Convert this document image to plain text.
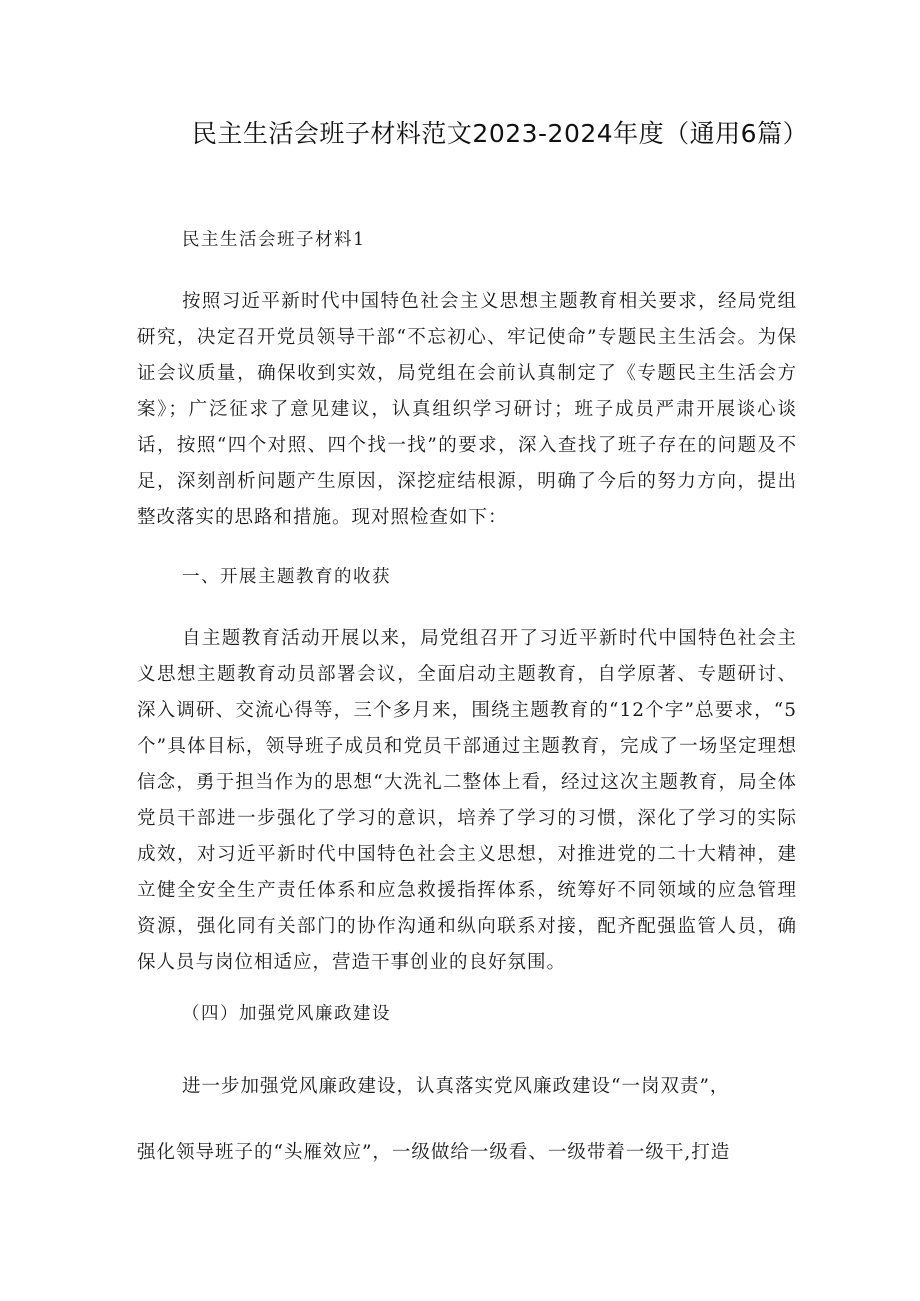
民主生活会班子材料范文2023-2024年度（通用6篇）
民主生活会班子材料1
按照习近平新时代中国特色社会主义思想主题教育相关要求，经局党组研究，决定召开党员领导干部“不忘初心、牢记使命”专题民主生活会。为保证会议质量，确保收到实效，局党组在会前认真制定了《专题民主生活会方案》；广泛征求了意见建议，认真组织学习研讨；班子成员严肃开展谈心谈话，按照“四个对照、四个找一找”的要求，深入查找了班子存在的问题及不足，深刻剖析问题产生原因，深挖症结根源，明确了今后的努力方向，提出整改落实的思路和措施。现对照检查如下：
一、开展主题教育的收获
自主题教育活动开展以来，局党组召开了习近平新时代中国特色社会主义思想主题教育动员部署会议，全面启动主题教育，自学原著、专题研讨、深入调研、交流心得等，三个多月来，围绕主题教育的“12个字”总要求，“5个”具体目标，领导班子成员和党员干部通过主题教育，完成了一场坚定理想信念，勇于担当作为的思想“大洗礼二整体上看，经过这次主题教育，局全体党员干部进一步强化了学习的意识，培养了学习的习惯，深化了学习的实际成效，对习近平新时代中国特色社会主义思想，对推进党的二十大精神，建立健全安全生产责任体系和应急救援指挥体系，统筹好不同领域的应急管理资源，强化同有关部门的协作沟通和纵向联系对接，配齐配强监管人员，确保人员与岗位相适应，营造干事创业的良好氛围。
（四）加强党风廉政建设
进一步加强党风廉政建设，认真落实党风廉政建设“一岗双责”，
强化领导班子的“头雁效应”，一级做给一级看、一级带着一级干,打造
